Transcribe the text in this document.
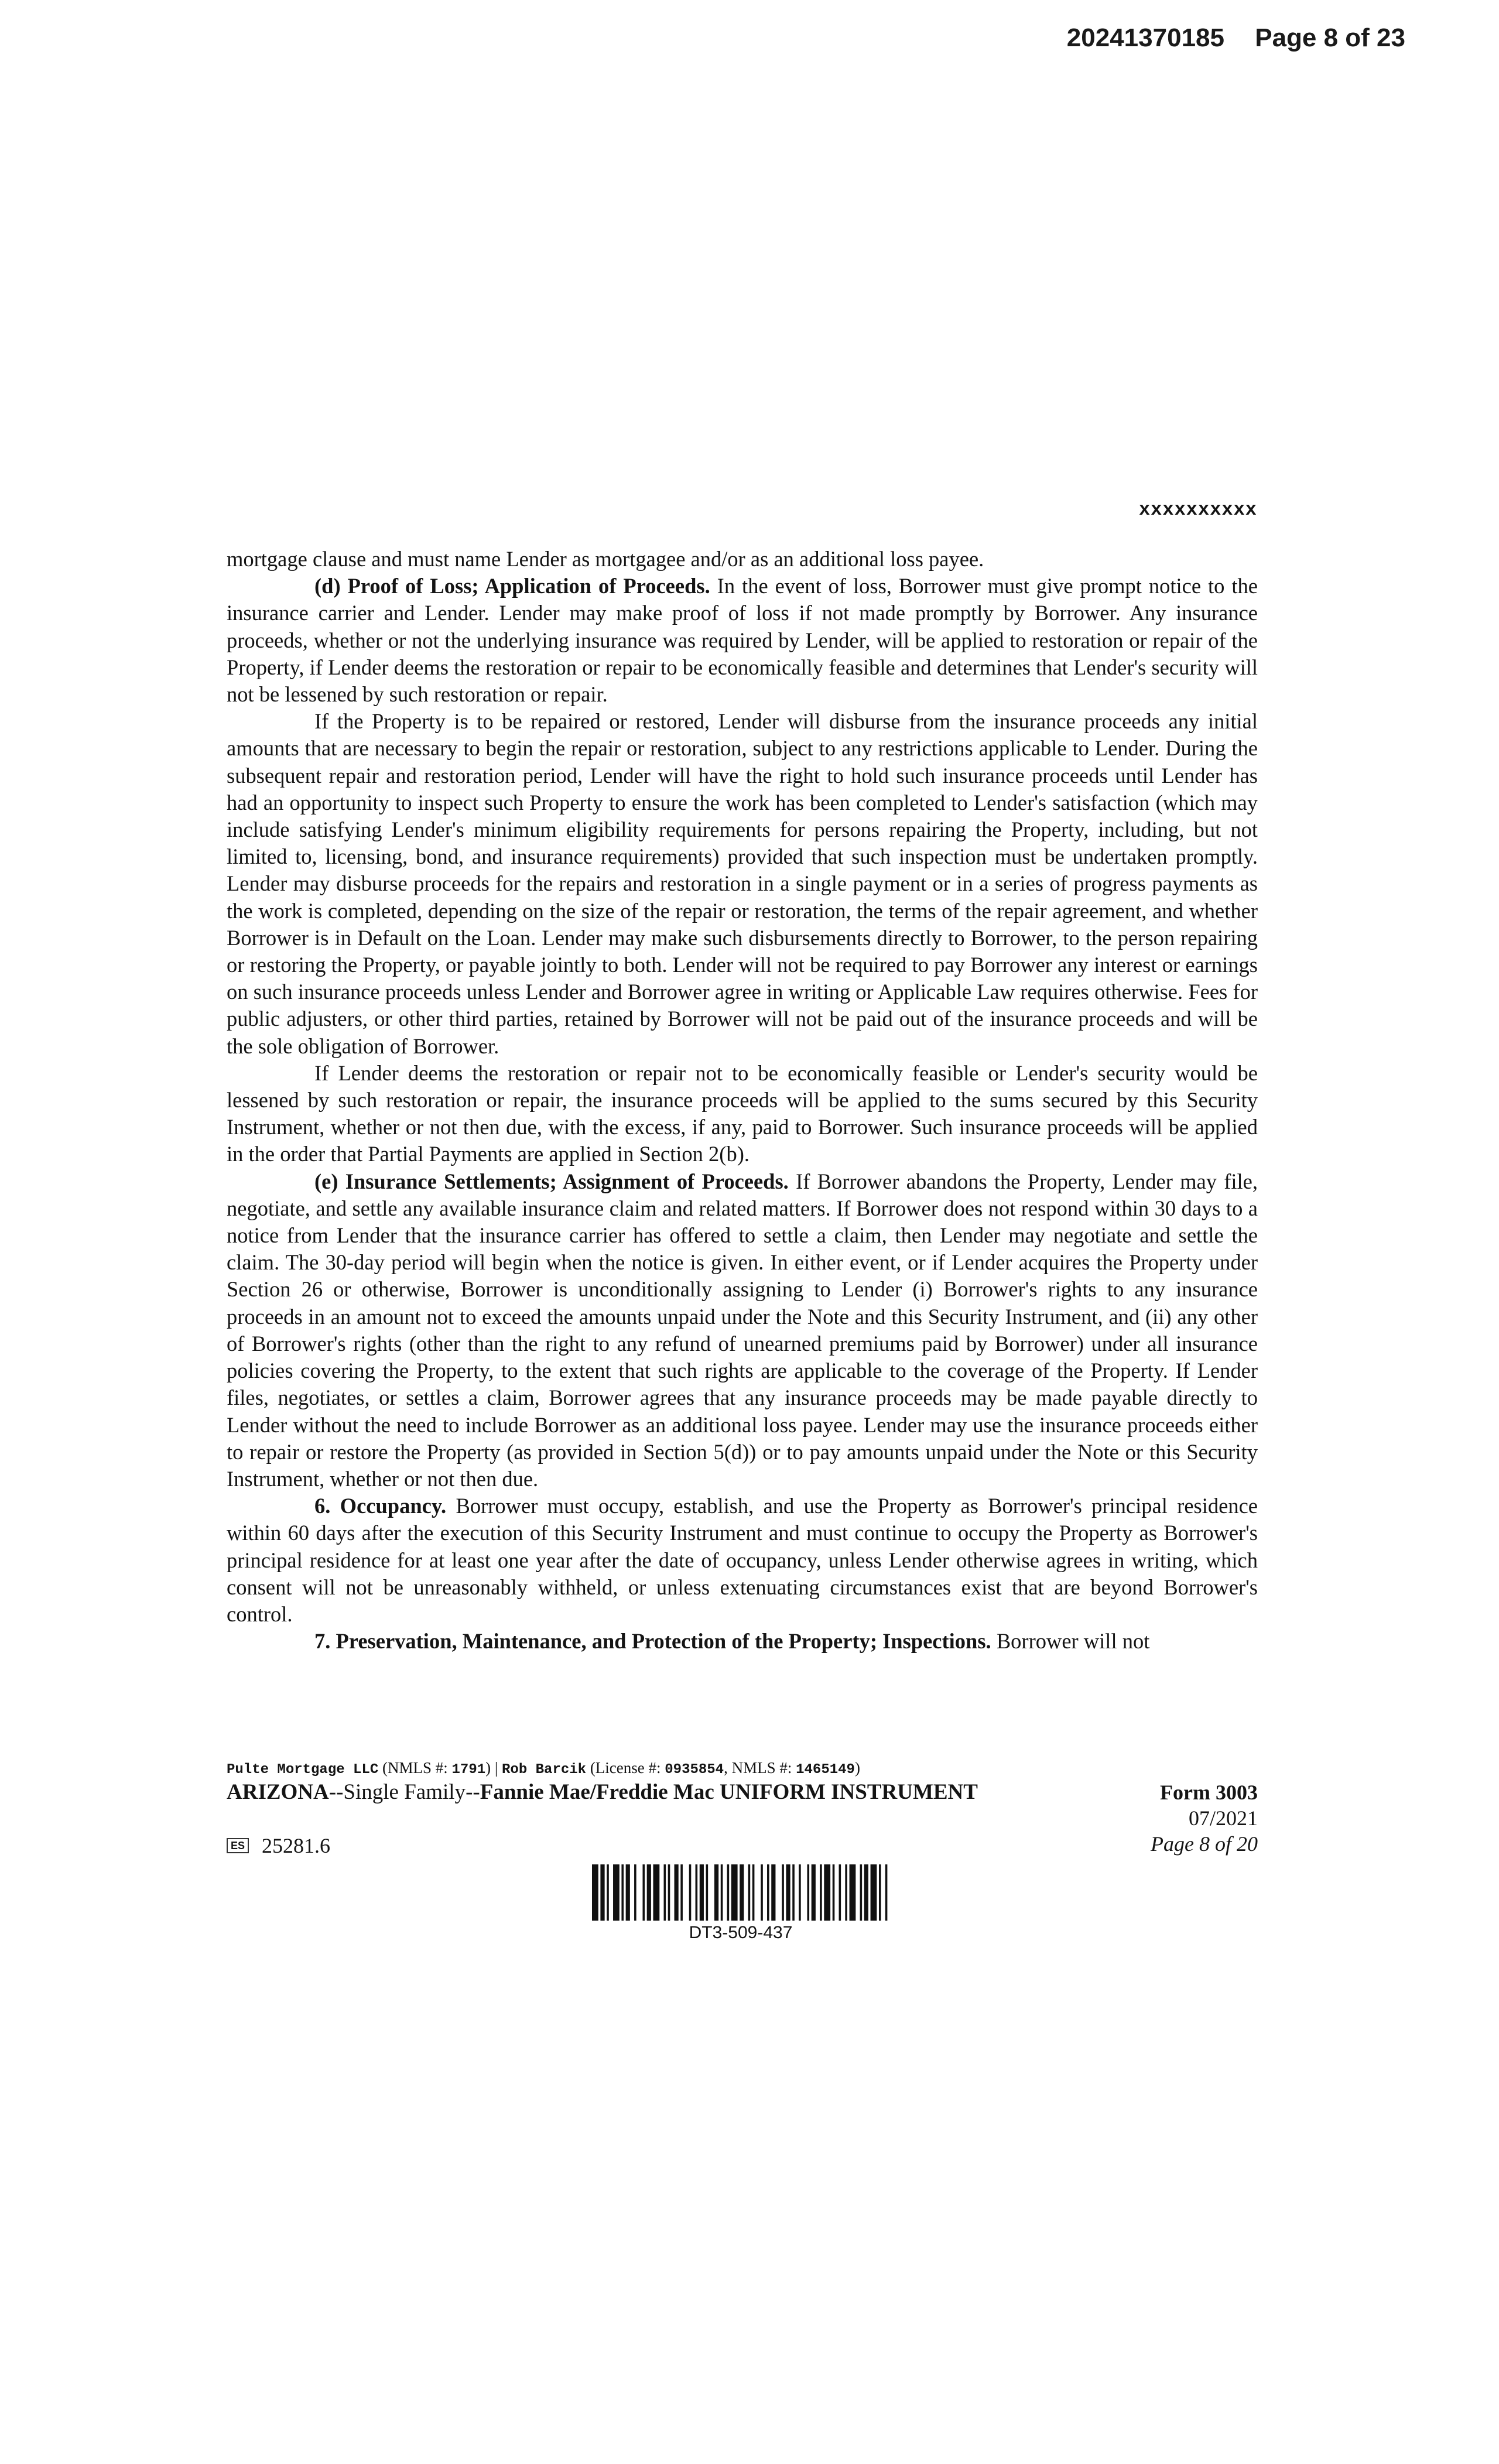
20241370185 Page 8 of 23
xxxxxxxxxx

mortgage clause and must name Lender as mortgagee and/or as an additional loss payee.

(d) Proof of Loss; Application of Proceeds. In the event of loss, Borrower must give prompt notice to the insurance carrier and Lender. Lender may make proof of loss if not made promptly by Borrower. Any insurance proceeds, whether or not the underlying insurance was required by Lender, will be applied to restoration or repair of the Property, if Lender deems the restoration or repair to be economically feasible and determines that Lender's security will not be lessened by such restoration or repair.

If the Property is to be repaired or restored, Lender will disburse from the insurance proceeds any initial amounts that are necessary to begin the repair or restoration, subject to any restrictions applicable to Lender. During the subsequent repair and restoration period, Lender will have the right to hold such insurance proceeds until Lender has had an opportunity to inspect such Property to ensure the work has been completed to Lender's satisfaction (which may include satisfying Lender's minimum eligibility requirements for persons repairing the Property, including, but not limited to, licensing, bond, and insurance requirements) provided that such inspection must be undertaken promptly. Lender may disburse proceeds for the repairs and restoration in a single payment or in a series of progress payments as the work is completed, depending on the size of the repair or restoration, the terms of the repair agreement, and whether Borrower is in Default on the Loan. Lender may make such disbursements directly to Borrower, to the person repairing or restoring the Property, or payable jointly to both. Lender will not be required to pay Borrower any interest or earnings on such insurance proceeds unless Lender and Borrower agree in writing or Applicable Law requires otherwise. Fees for public adjusters, or other third parties, retained by Borrower will not be paid out of the insurance proceeds and will be the sole obligation of Borrower.

If Lender deems the restoration or repair not to be economically feasible or Lender's security would be lessened by such restoration or repair, the insurance proceeds will be applied to the sums secured by this Security Instrument, whether or not then due, with the excess, if any, paid to Borrower. Such insurance proceeds will be applied in the order that Partial Payments are applied in Section 2(b).

(e) Insurance Settlements; Assignment of Proceeds. If Borrower abandons the Property, Lender may file, negotiate, and settle any available insurance claim and related matters. If Borrower does not respond within 30 days to a notice from Lender that the insurance carrier has offered to settle a claim, then Lender may negotiate and settle the claim. The 30-day period will begin when the notice is given. In either event, or if Lender acquires the Property under Section 26 or otherwise, Borrower is unconditionally assigning to Lender (i) Borrower's rights to any insurance proceeds in an amount not to exceed the amounts unpaid under the Note and this Security Instrument, and (ii) any other of Borrower's rights (other than the right to any refund of unearned premiums paid by Borrower) under all insurance policies covering the Property, to the extent that such rights are applicable to the coverage of the Property. If Lender files, negotiates, or settles a claim, Borrower agrees that any insurance proceeds may be made payable directly to Lender without the need to include Borrower as an additional loss payee. Lender may use the insurance proceeds either to repair or restore the Property (as provided in Section 5(d)) or to pay amounts unpaid under the Note or this Security Instrument, whether or not then due.

6. Occupancy. Borrower must occupy, establish, and use the Property as Borrower's principal residence within 60 days after the execution of this Security Instrument and must continue to occupy the Property as Borrower's principal residence for at least one year after the date of occupancy, unless Lender otherwise agrees in writing, which consent will not be unreasonably withheld, or unless extenuating circumstances exist that are beyond Borrower's control.

7. Preservation, Maintenance, and Protection of the Property; Inspections. Borrower will not

Pulte Mortgage LLC (NMLS #: 1791) | Rob Barcik (License #: 0935854, NMLS #: 1465149)
ARIZONA--Single Family--Fannie Mae/Freddie Mac UNIFORM INSTRUMENT	Form 3003
07/2021
Page 8 of 20
ES 25281.6
DT3-509-437
